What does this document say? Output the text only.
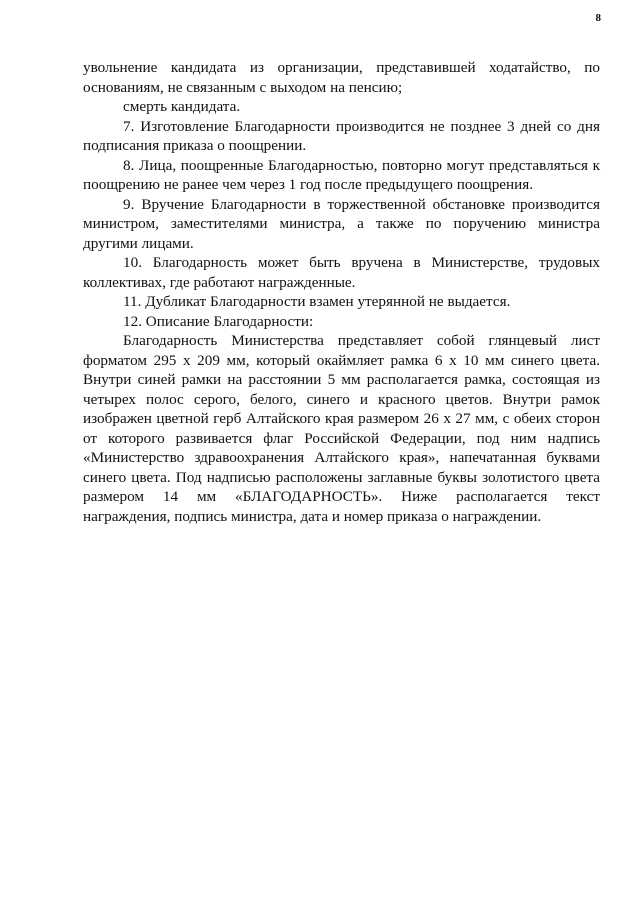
8

увольнение кандидата из организации, представившей ходатайство, по основаниям, не связанным с выходом на пенсию;

смерть кандидата.

7. Изготовление Благодарности производится не позднее 3 дней со дня подписания приказа о поощрении.

8. Лица, поощренные Благодарностью, повторно могут представляться к поощрению не ранее чем через 1 год после предыдущего поощрения.

9. Вручение Благодарности в торжественной обстановке производится министром, заместителями министра, а также по поручению министра другими лицами.

10. Благодарность может быть вручена в Министерстве, трудовых коллективах, где работают награжденные.

11. Дубликат Благодарности взамен утерянной не выдается.

12. Описание Благодарности:

Благодарность Министерства представляет собой глянцевый лист форматом 295 х 209 мм, который окаймляет рамка 6 х 10 мм синего цвета. Внутри синей рамки на расстоянии 5 мм располагается рамка, состоящая из четырех полос серого, белого, синего и красного цветов. Внутри рамок изображен цветной герб Алтайского края размером 26 х 27 мм, с обеих сторон от которого развивается флаг Российской Федерации, под ним надпись «Министерство здравоохранения Алтайского края», напечатанная буквами синего цвета. Под надписью расположены заглавные буквы золотистого цвета размером 14 мм «БЛАГОДАРНОСТЬ». Ниже располагается текст награждения, подпись министра, дата и номер приказа о награждении.
